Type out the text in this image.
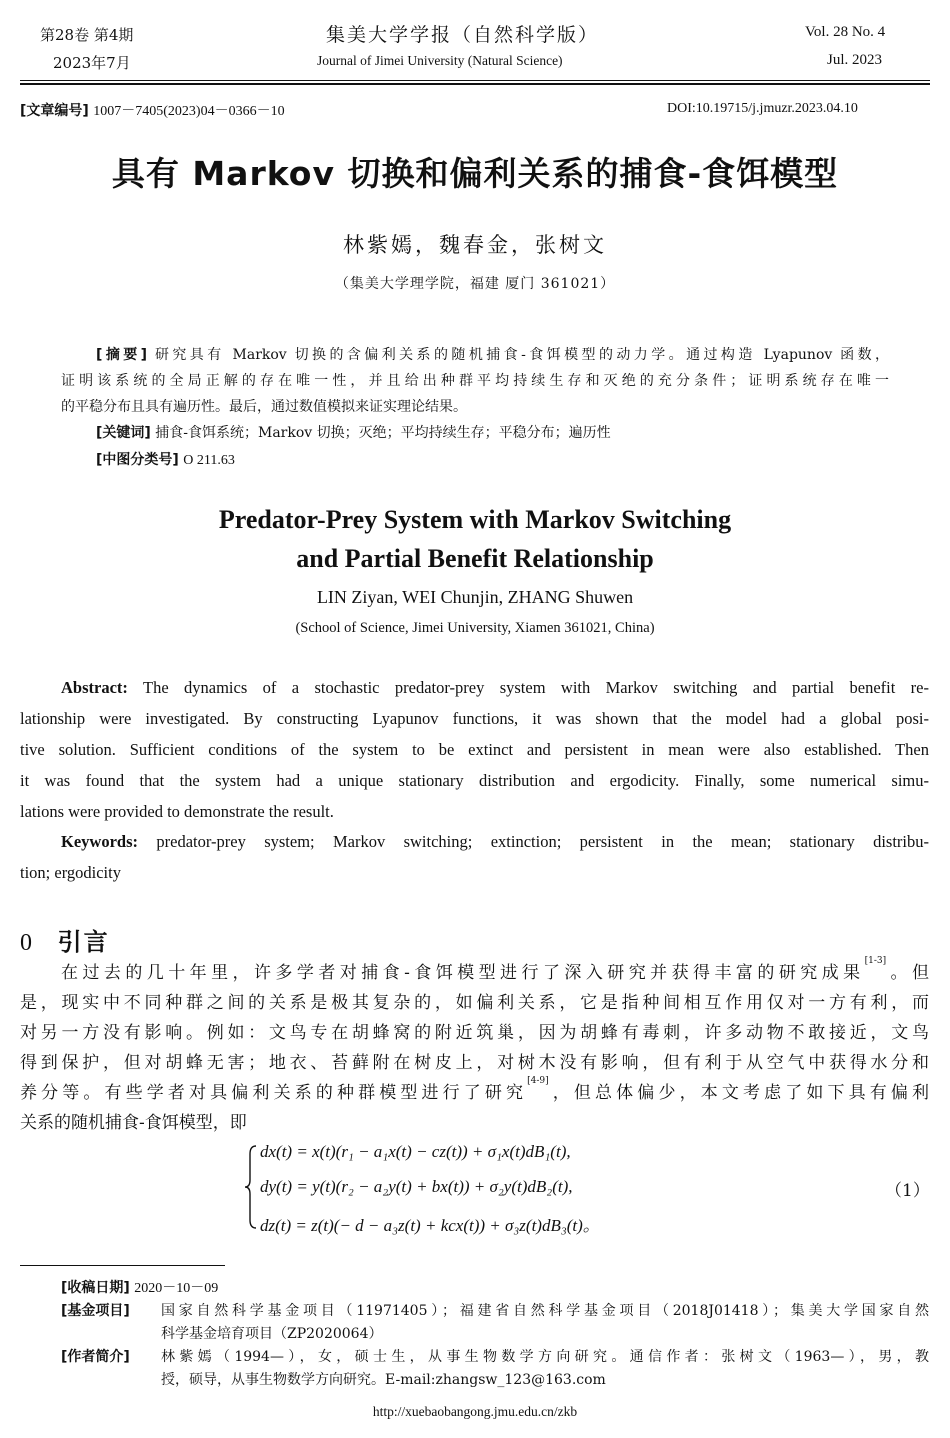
第28卷 第4期
2023年7月
集美大学学报（自然科学版）
Journal of Jimei University (Natural Science)
Vol. 28 No. 4
Jul. 2023
[文章编号] 1007－7405(2023)04－0366－10	DOI:10.19715/j.jmuzr.2023.04.10
具有 Markov 切换和偏利关系的捕食-食饵模型
林紫嫣，魏春金，张树文
（集美大学理学院，福建 厦门 361021）
[摘要] 研究具有 Markov 切换的含偏利关系的随机捕食-食饵模型的动力学。通过构造 Lyapunov 函数，
证明该系统的全局正解的存在唯一性，并且给出种群平均持续生存和灭绝的充分条件；证明系统存在唯一
的平稳分布且具有遍历性。最后，通过数值模拟来证实理论结果。
[关键词] 捕食-食饵系统；Markov 切换；灭绝；平均持续生存；平稳分布；遍历性
[中图分类号] O 211.63
Predator-Prey System with Markov Switching
and Partial Benefit Relationship
LIN Ziyan, WEI Chunjin, ZHANG Shuwen
(School of Science, Jimei University, Xiamen 361021, China)
Abstract: The dynamics of a stochastic predator-prey system with Markov switching and partial benefit re-
lationship were investigated. By constructing Lyapunov functions, it was shown that the model had a global posi-
tive solution. Sufficient conditions of the system to be extinct and persistent in mean were also established. Then
it was found that the system had a unique stationary distribution and ergodicity. Finally, some numerical simu-
lations were provided to demonstrate the result.
Keywords: predator-prey system; Markov switching; extinction; persistent in the mean; stationary distribu-
tion; ergodicity
0 引言
在过去的几十年里，许多学者对捕食-食饵模型进行了深入研究并获得丰富的研究成果[1-3]。但
是，现实中不同种群之间的关系是极其复杂的，如偏利关系，它是指种间相互作用仅对一方有利，而
对另一方没有影响。例如：文鸟专在胡蜂窝的附近筑巢，因为胡蜂有毒刺，许多动物不敢接近，文鸟
得到保护，但对胡蜂无害；地衣、苔藓附在树皮上，对树木没有影响，但有利于从空气中获得水分和
养分等。有些学者对具偏利关系的种群模型进行了研究[4-9]，但总体偏少，本文考虑了如下具有偏利
关系的随机捕食-食饵模型，即
dx(t) = x(t)(r₁ − a₁x(t) − cz(t)) + σ₁x(t)dB₁(t),
dy(t) = y(t)(r₂ − a₂y(t) + bx(t)) + σ₂y(t)dB₂(t),
dz(t) = z(t)(− d − a₃z(t) + kcx(t)) + σ₃z(t)dB₃(t)。
（1）
[收稿日期] 2020－10－09
[基金项目] 国家自然科学基金项目（11971405）；福建省自然科学基金项目（2018J01418）；集美大学国家自然
科学基金培育项目（ZP2020064）
[作者简介] 林紫嫣（1994—），女，硕士生，从事生物数学方向研究。通信作者：张树文（1963—），男，教
授，硕导，从事生物数学方向研究。E-mail:zhangsw_123@163.com
http://xuebaobangong.jmu.edu.cn/zkb
